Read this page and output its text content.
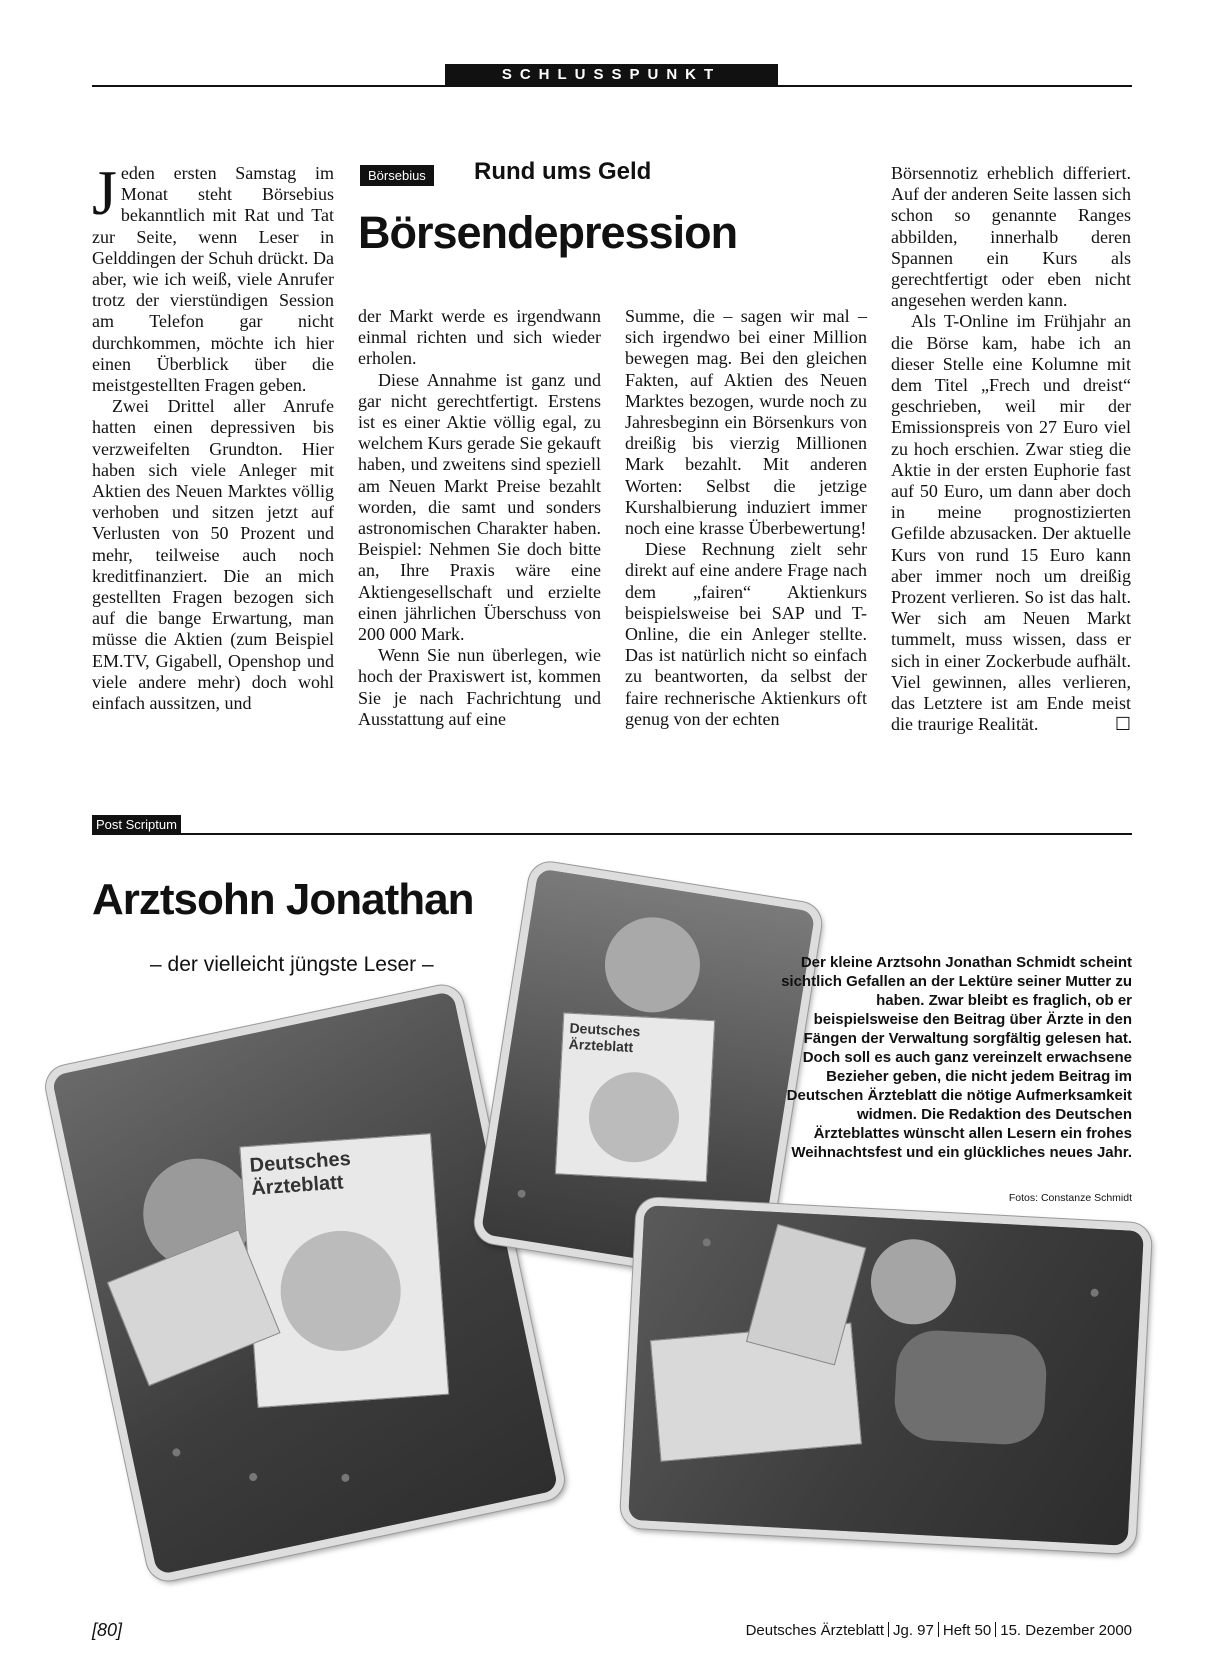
SCHLUSSPUNKT

Jeden ersten Samstag im Monat steht Börsebius bekanntlich mit Rat und Tat zur Seite, wenn Leser in Gelddingen der Schuh drückt. Da aber, wie ich weiß, viele Anrufer trotz der vierstündigen Session am Telefon gar nicht durchkommen, möchte ich hier einen Überblick über die meistgestellten Fragen geben.

Zwei Drittel aller Anrufe hatten einen depressiven bis verzweifelten Grundton. Hier haben sich viele Anleger mit Aktien des Neuen Marktes völlig verhoben und sitzen jetzt auf Verlusten von 50 Prozent und mehr, teilweise auch noch kreditfinanziert. Die an mich gestellten Fragen bezogen sich auf die bange Erwartung, man müsse die Aktien (zum Beispiel EM.TV, Gigabell, Openshop und viele andere mehr) doch wohl einfach aussitzen, und

Börsebius	Rund ums Geld
Börsendepression

der Markt werde es irgendwann einmal richten und sich wieder erholen.

Diese Annahme ist ganz und gar nicht gerechtfertigt. Erstens ist es einer Aktie völlig egal, zu welchem Kurs gerade Sie gekauft haben, und zweitens sind speziell am Neuen Markt Preise bezahlt worden, die samt und sonders astronomischen Charakter haben. Beispiel: Nehmen Sie doch bitte an, Ihre Praxis wäre eine Aktiengesellschaft und erzielte einen jährlichen Überschuss von 200 000 Mark.

Wenn Sie nun überlegen, wie hoch der Praxiswert ist, kommen Sie je nach Fachrichtung und Ausstattung auf eine

Summe, die – sagen wir mal – sich irgendwo bei einer Million bewegen mag. Bei den gleichen Fakten, auf Aktien des Neuen Marktes bezogen, wurde noch zu Jahresbeginn ein Börsenkurs von dreißig bis vierzig Millionen Mark bezahlt. Mit anderen Worten: Selbst die jetzige Kurshalbierung induziert immer noch eine krasse Überbewertung!

Diese Rechnung zielt sehr direkt auf eine andere Frage nach dem „fairen“ Aktienkurs beispielsweise bei SAP und T-Online, die ein Anleger stellte. Das ist natürlich nicht so einfach zu beantworten, da selbst der faire rechnerische Aktienkurs oft genug von der echten

Börsennotiz erheblich differiert. Auf der anderen Seite lassen sich schon so genannte Ranges abbilden, innerhalb deren Spannen ein Kurs als gerechtfertigt oder eben nicht angesehen werden kann.

Als T-Online im Frühjahr an die Börse kam, habe ich an dieser Stelle eine Kolumne mit dem Titel „Frech und dreist“ geschrieben, weil mir der Emissionspreis von 27 Euro viel zu hoch erschien. Zwar stieg die Aktie in der ersten Euphorie fast auf 50 Euro, um dann aber doch in meine prognostizierten Gefilde abzusacken. Der aktuelle Kurs von rund 15 Euro kann aber immer noch um dreißig Prozent verlieren. So ist das halt. Wer sich am Neuen Markt tummelt, muss wissen, dass er sich in einer Zockerbude aufhält. Viel gewinnen, alles verlieren, das Letztere ist am Ende meist die traurige Realität.	☐

Post Scriptum
Arztsohn Jonathan
– der vielleicht jüngste Leser –
Deutsches Ärzteblatt
Deutsches Ärzteblatt
Der kleine Arztsohn Jonathan Schmidt scheint sichtlich Gefallen an der Lektüre seiner Mutter zu haben. Zwar bleibt es fraglich, ob er beispielsweise den Beitrag über Ärzte in den Fängen der Verwaltung sorgfältig gelesen hat. Doch soll es auch ganz vereinzelt erwachsene Bezieher geben, die nicht jedem Beitrag im Deutschen Ärzteblatt die nötige Aufmerksamkeit widmen. Die Redaktion des Deutschen Ärzteblattes wünscht allen Lesern ein frohes Weihnachtsfest und ein glückliches neues Jahr.
Fotos: Constanze Schmidt
[80]	Deutsches Ärzteblatt Jg. 97 Heft 50 15. Dezember 2000
